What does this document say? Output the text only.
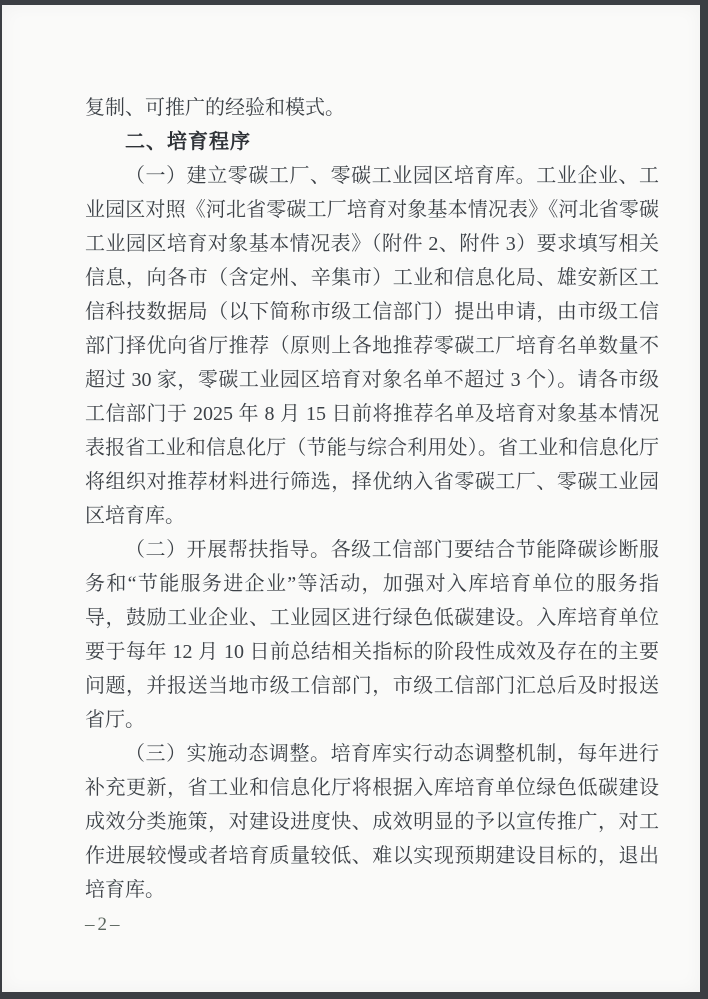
复制、可推广的经验和模式。

二、培育程序

（一）建立零碳工厂、零碳工业园区培育库。工业企业、工业园区对照《河北省零碳工厂培育对象基本情况表》《河北省零碳工业园区培育对象基本情况表》（附件 2、附件 3）要求填写相关信息，向各市（含定州、辛集市）工业和信息化局、雄安新区工信科技数据局（以下简称市级工信部门）提出申请，由市级工信部门择优向省厅推荐（原则上各地推荐零碳工厂培育名单数量不超过 30 家，零碳工业园区培育对象名单不超过 3 个）。请各市级工信部门于 2025 年 8 月 15 日前将推荐名单及培育对象基本情况表报省工业和信息化厅（节能与综合利用处）。省工业和信息化厅将组织对推荐材料进行筛选，择优纳入省零碳工厂、零碳工业园区培育库。

（二）开展帮扶指导。各级工信部门要结合节能降碳诊断服务和“节能服务进企业”等活动，加强对入库培育单位的服务指导，鼓励工业企业、工业园区进行绿色低碳建设。入库培育单位要于每年 12 月 10 日前总结相关指标的阶段性成效及存在的主要问题，并报送当地市级工信部门，市级工信部门汇总后及时报送省厅。

（三）实施动态调整。培育库实行动态调整机制，每年进行补充更新，省工业和信息化厅将根据入库培育单位绿色低碳建设成效分类施策，对建设进度快、成效明显的予以宣传推广，对工作进展较慢或者培育质量较低、难以实现预期建设目标的，退出培育库。

–2–
